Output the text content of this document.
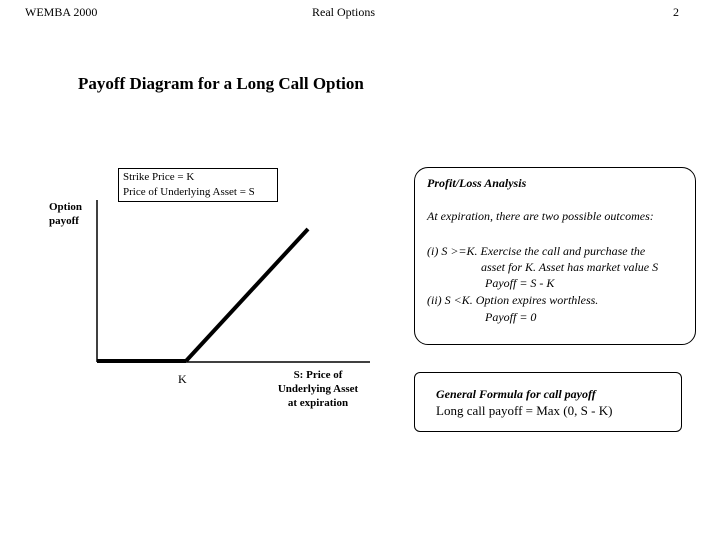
WEMBA 2000	Real Options	2
Payoff Diagram for a Long Call Option
Strike Price = K
Price of Underlying Asset = S
Option
payoff
K	S: Price of
Underlying Asset
at expiration
Profit/Loss Analysis
At expiration, there are two possible outcomes:
(i) S >=K. Exercise the call and purchase the
asset for K. Asset has market value S
Payoff = S - K
(ii) S <K. Option expires worthless.
Payoff = 0
General Formula for call payoff
Long call payoff = Max (0, S - K)
